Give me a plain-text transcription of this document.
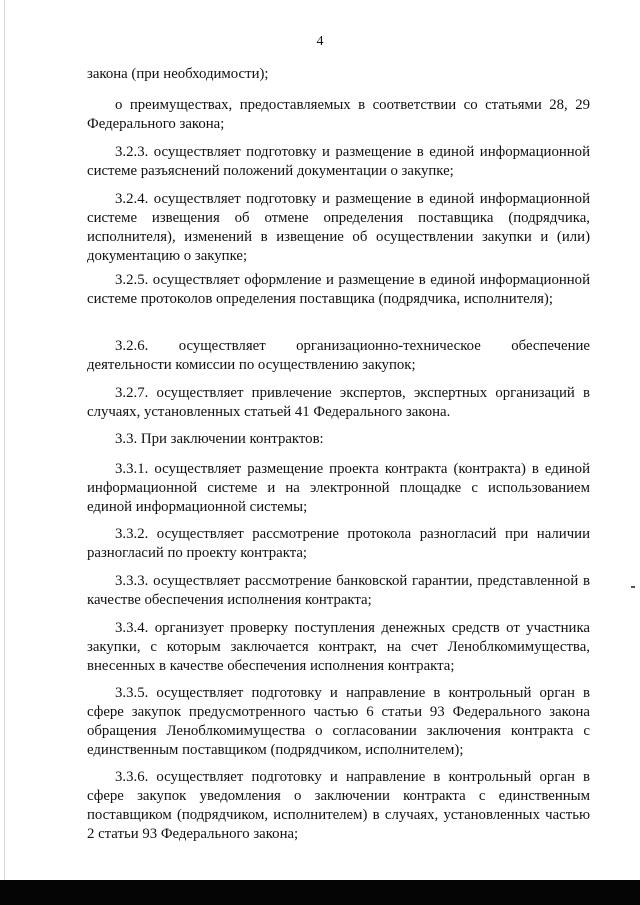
4

закона (при необходимости);

о преимуществах, предоставляемых в соответствии со статьями 28, 29 Федерального закона;

3.2.3. осуществляет подготовку и размещение в единой информационной системе разъяснений положений документации о закупке;

3.2.4. осуществляет подготовку и размещение в единой информационной системе извещения об отмене определения поставщика (подрядчика, исполнителя), изменений в извещение об осуществлении закупки и (или) документацию о закупке;

3.2.5. осуществляет оформление и размещение в единой информационной системе протоколов определения поставщика (подрядчика, исполнителя);

3.2.6. осуществляет организационно-техническое обеспечение деятельности комиссии по осуществлению закупок;

3.2.7. осуществляет привлечение экспертов, экспертных организаций в случаях, установленных статьей 41 Федерального закона.

3.3. При заключении контрактов:

3.3.1. осуществляет размещение проекта контракта (контракта) в единой информационной системе и на электронной площадке с использованием единой информационной системы;

3.3.2. осуществляет рассмотрение протокола разногласий при наличии разногласий по проекту контракта;

3.3.3. осуществляет рассмотрение банковской гарантии, представленной в качестве обеспечения исполнения контракта;

3.3.4. организует проверку поступления денежных средств от участника закупки, с которым заключается контракт, на счет Леноблкомимущества, внесенных в качестве обеспечения исполнения контракта;

3.3.5. осуществляет подготовку и направление в контрольный орган в сфере закупок предусмотренного частью 6 статьи 93 Федерального закона обращения Леноблкомимущества о согласовании заключения контракта с единственным поставщиком (подрядчиком, исполнителем);

3.3.6. осуществляет подготовку и направление в контрольный орган в сфере закупок уведомления о заключении контракта с единственным поставщиком (подрядчиком, исполнителем) в случаях, установленных частью 2 статьи 93 Федерального закона;
